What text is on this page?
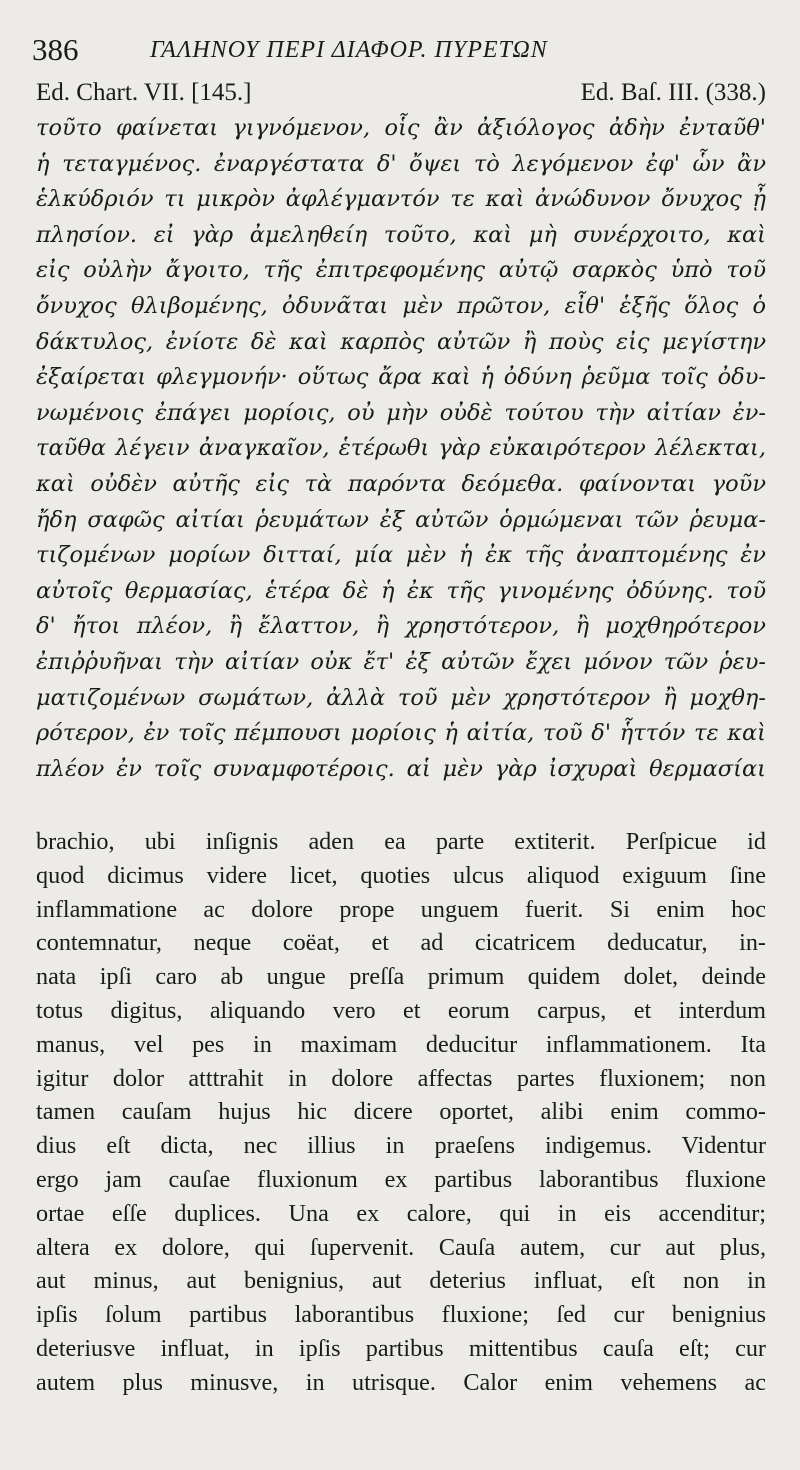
386	ΓΑΛΗΝΟΥ ΠΕΡΙ ΔΙΑΦΟΡ. ΠΥΡΕΤΩΝ
Ed. Chart. VII. [145.]	Ed. Baſ. III. (338.)
τοῦτο φαίνεται γιγνόμενον, οἷς ἂν ἀξιόλογος ἀδὴν ἐνταῦθ'
ἡ τεταγμένος. ἐναργέστατα δ' ὄψει τὸ λεγόμενον ἐφ' ὧν ἂν
ἑλκύδριόν τι μικρὸν ἀφλέγμαντόν τε καὶ ἀνώδυνον ὄνυχος ᾖ
πλησίον. εἰ γὰρ ἀμεληθείη τοῦτο, καὶ μὴ συνέρχοιτο, καὶ
εἰς οὐλὴν ἄγοιτο, τῆς ἐπιτρεφομένης αὐτῷ σαρκὸς ὑπὸ τοῦ
ὄνυχος θλιβομένης, ὀδυνᾶται μὲν πρῶτον, εἶθ' ἑξῆς ὅλος ὁ
δάκτυλος, ἐνίοτε δὲ καὶ καρπὸς αὐτῶν ἢ ποὺς εἰς μεγίστην
ἐξαίρεται φλεγμονήν· οὕτως ἄρα καὶ ἡ ὀδύνη ῥεῦμα τοῖς ὀδυ-
νωμένοις ἐπάγει μορίοις, οὐ μὴν οὐδὲ τούτου τὴν αἰτίαν ἐν-
ταῦθα λέγειν ἀναγκαῖον, ἑτέρωθι γὰρ εὐκαιρότερον λέλεκται,
καὶ οὐδὲν αὐτῆς εἰς τὰ παρόντα δεόμεθα. φαίνονται γοῦν
ἤδη σαφῶς αἰτίαι ῥευμάτων ἐξ αὐτῶν ὁρμώμεναι τῶν ῥευμα-
τιζομένων μορίων διτταί, μία μὲν ἡ ἐκ τῆς ἀναπτομένης ἐν
αὐτοῖς θερμασίας, ἑτέρα δὲ ἡ ἐκ τῆς γινομένης ὀδύνης. τοῦ
δ' ἤτοι πλέον, ἢ ἔλαττον, ἢ χρηστότερον, ἢ μοχθηρότερον
ἐπιῤῥυῆναι τὴν αἰτίαν οὐκ ἔτ' ἐξ αὐτῶν ἔχει μόνον τῶν ῥευ-
ματιζομένων σωμάτων, ἀλλὰ τοῦ μὲν χρηστότερον ἢ μοχθη-
ρότερον, ἐν τοῖς πέμπουσι μορίοις ἡ αἰτία, τοῦ δ' ἧττόν τε καὶ
πλέον ἐν τοῖς συναμφοτέροις. αἱ μὲν γὰρ ἰσχυραὶ θερμασίαι
brachio, ubi inſignis aden ea parte extiterit. Perſpicue id
quod dicimus videre licet, quoties ulcus aliquod exiguum ſine
inflammatione ac dolore prope unguem fuerit. Si enim hoc
contemnatur, neque coëat, et ad cicatricem deducatur, in-
nata ipſi caro ab ungue preſſa primum quidem dolet, deinde
totus digitus, aliquando vero et eorum carpus, et interdum
manus, vel pes in maximam deducitur inflammationem. Ita
igitur dolor atttrahit in dolore affectas partes fluxionem; non
tamen cauſam hujus hic dicere oportet, alibi enim commo-
dius eſt dicta, nec illius in praeſens indigemus. Videntur
ergo jam cauſae fluxionum ex partibus laborantibus fluxione
ortae eſſe duplices. Una ex calore, qui in eis accenditur;
altera ex dolore, qui ſupervenit. Cauſa autem, cur aut plus,
aut minus, aut benignius, aut deterius influat, eſt non in
ipſis ſolum partibus laborantibus fluxione; ſed cur benignius
deteriusve influat, in ipſis partibus mittentibus cauſa eſt; cur
autem plus minusve, in utrisque. Calor enim vehemens ac
